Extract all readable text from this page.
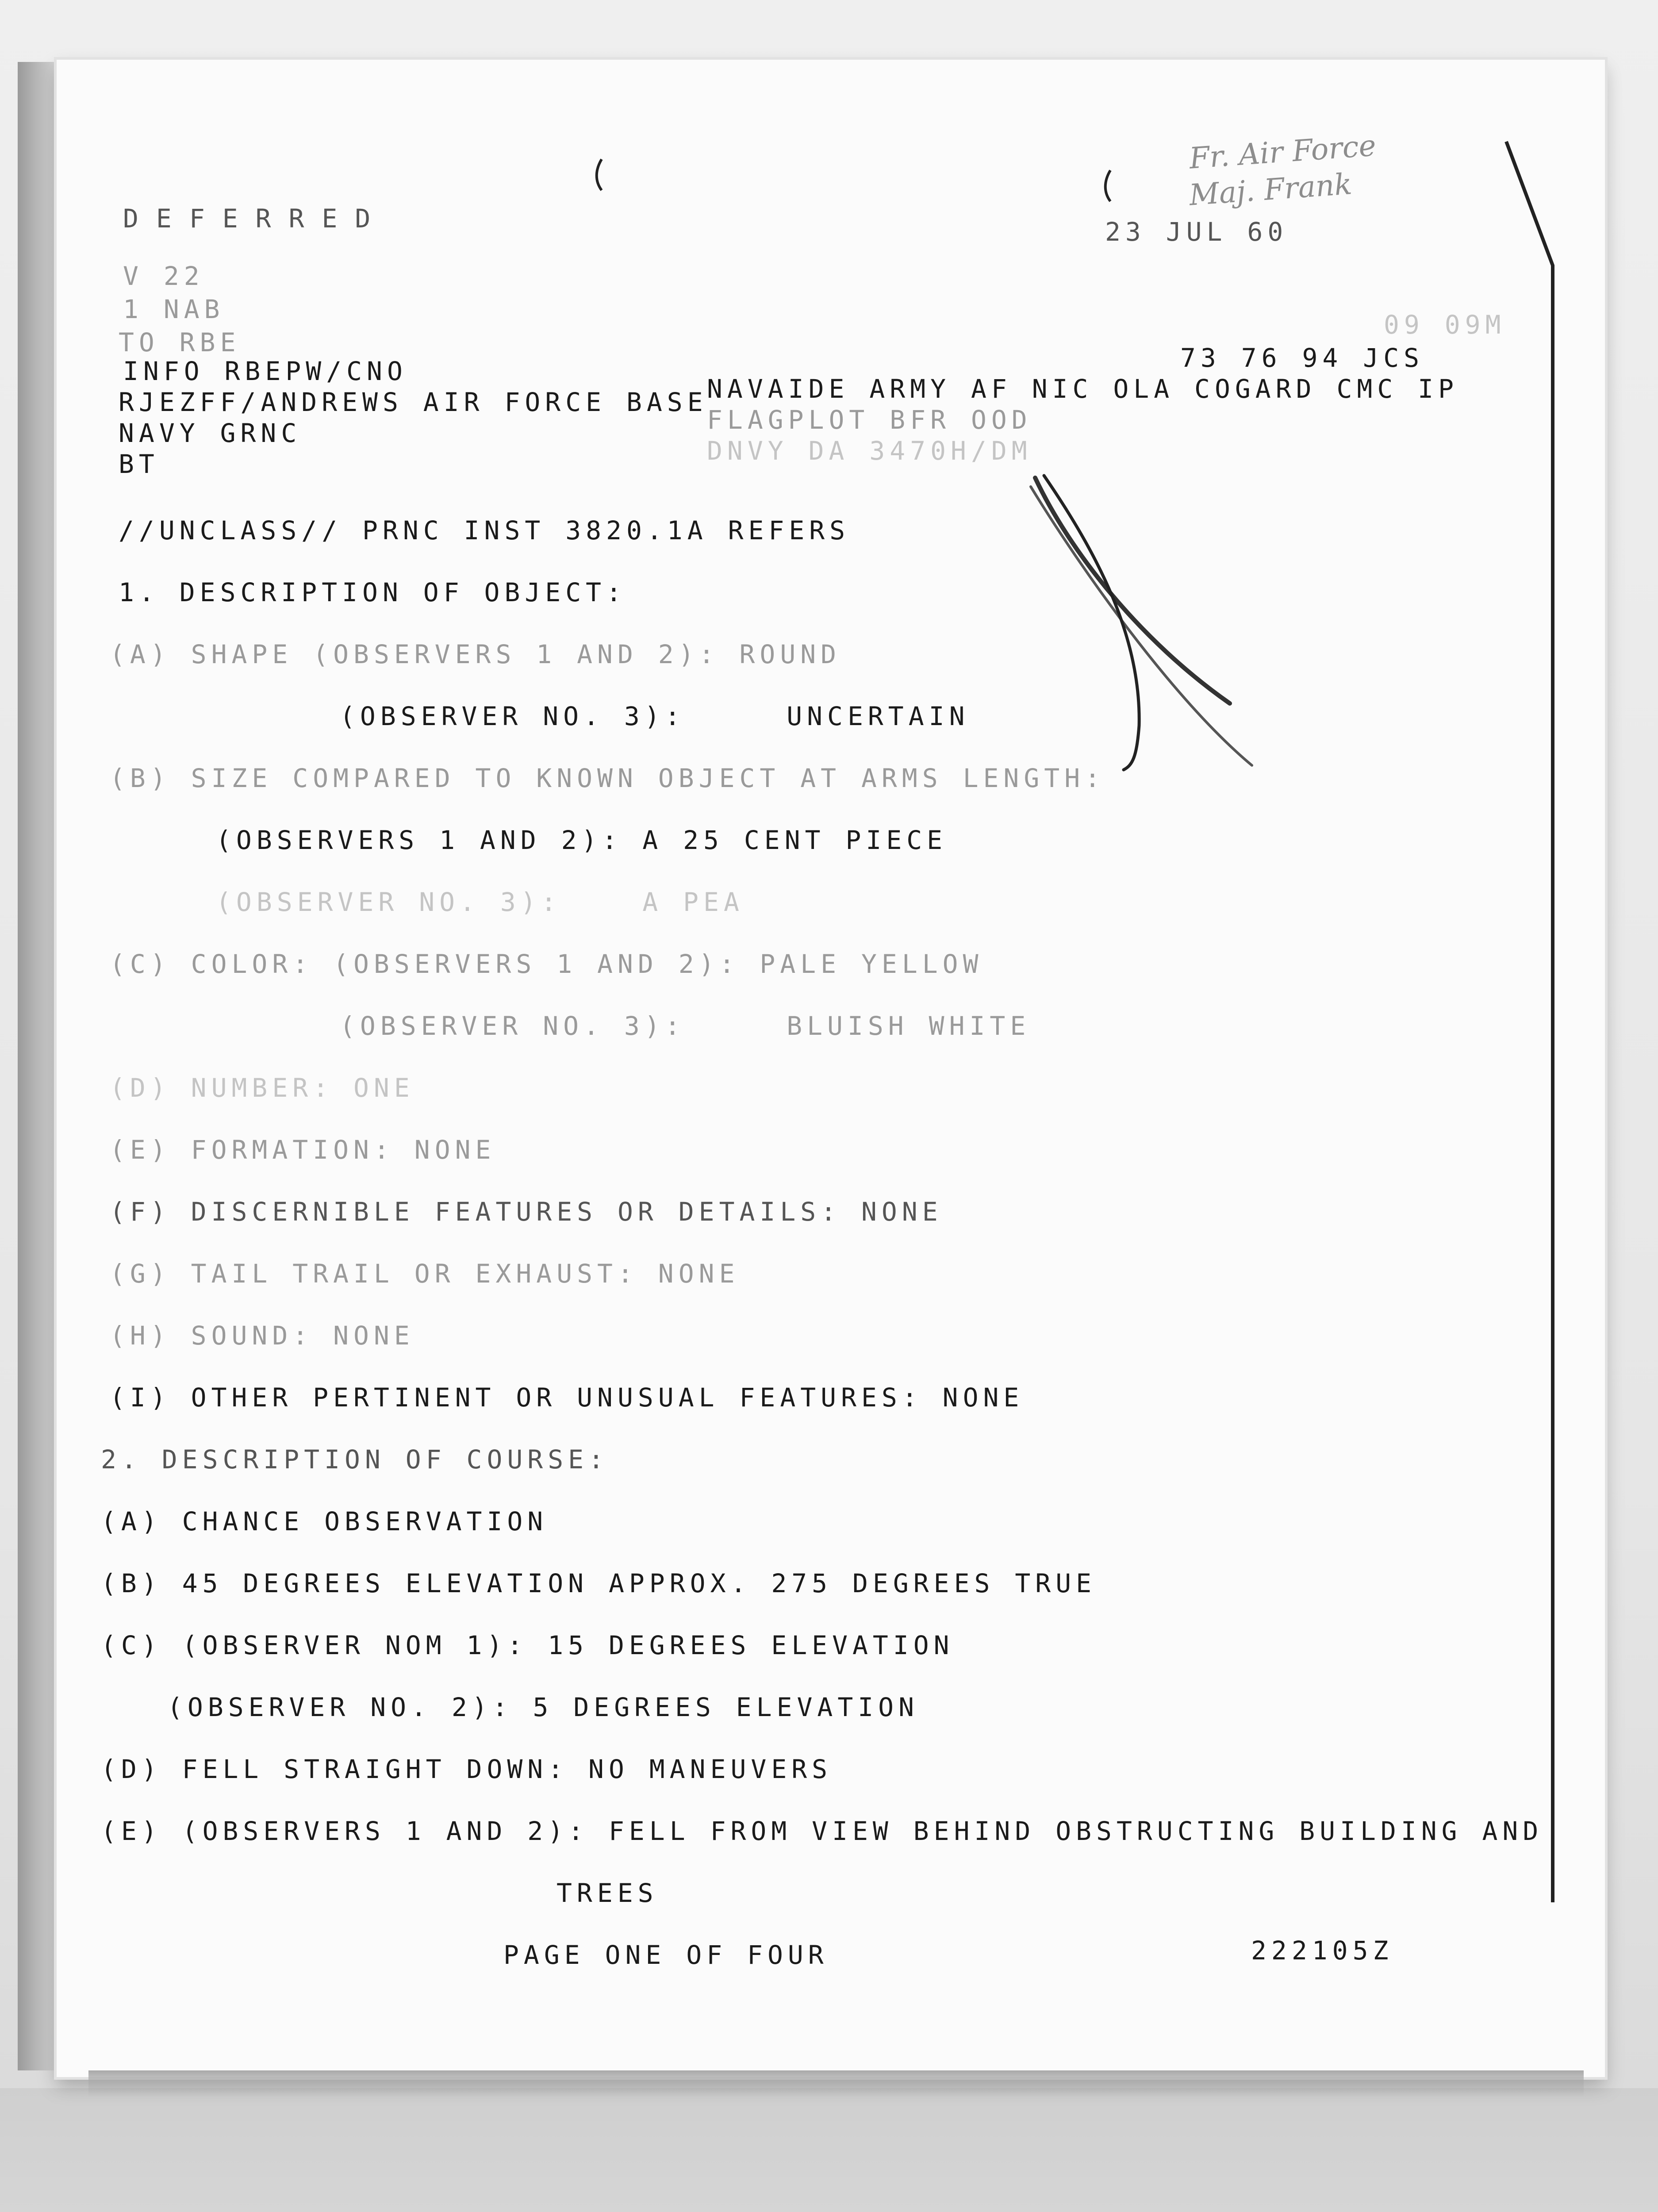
DEFERRED
V 22
1 NAB
TO RBE
INFO RBEPW/CNO
RJEZFF/ANDREWS AIR FORCE BASE
NAVY GRNC
BT
23 JUL 60
Fr. Air Force
Maj. Frank
09 09M
73 76 94 JCS
NAVAIDE ARMY AF NIC OLA COGARD CMC IP
FLAGPLOT BFR OOD
DNVY DA 3470H/DM
//UNCLASS// PRNC INST 3820.1A REFERS
1. DESCRIPTION OF OBJECT:
(A) SHAPE (OBSERVERS 1 AND 2): ROUND
(OBSERVER NO. 3):     UNCERTAIN
(B) SIZE COMPARED TO KNOWN OBJECT AT ARMS LENGTH:
(OBSERVERS 1 AND 2): A 25 CENT PIECE
(OBSERVER NO. 3):    A PEA
(C) COLOR: (OBSERVERS 1 AND 2): PALE YELLOW
(OBSERVER NO. 3):     BLUISH WHITE
(D) NUMBER: ONE
(E) FORMATION: NONE
(F) DISCERNIBLE FEATURES OR DETAILS: NONE
(G) TAIL TRAIL OR EXHAUST: NONE
(H) SOUND: NONE
(I) OTHER PERTINENT OR UNUSUAL FEATURES: NONE
2. DESCRIPTION OF COURSE:
(A) CHANCE OBSERVATION
(B) 45 DEGREES ELEVATION APPROX. 275 DEGREES TRUE
(C) (OBSERVER NOM 1): 15 DEGREES ELEVATION
(OBSERVER NO. 2): 5 DEGREES ELEVATION
(D) FELL STRAIGHT DOWN: NO MANEUVERS
(E) (OBSERVERS 1 AND 2): FELL FROM VIEW BEHIND OBSTRUCTING BUILDING AND
TREES
PAGE ONE OF FOUR	222105Z
